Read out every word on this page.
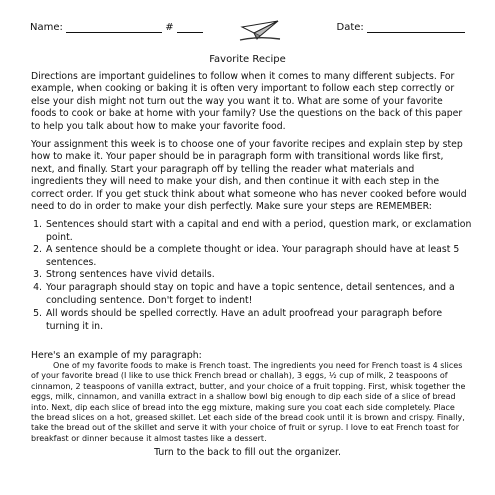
Name:	#	Date:
Favorite Recipe

Directions are important guidelines to follow when it comes to many different subjects. For example, when cooking or baking it is often very important to follow each step correctly or else your dish might not turn out the way you want it to. What are some of your favorite foods to cook or bake at home with your family? Use the questions on the back of this paper to help you talk about how to make your favorite food.

Your assignment this week is to choose one of your favorite recipes and explain step by step how to make it. Your paper should be in paragraph form with transitional words like first, next, and finally. Start your paragraph off by telling the reader what materials and ingredients they will need to make your dish, and then continue it with each step in the correct order. If you get stuck think about what someone who has never cooked before would need to do in order to make your dish perfectly. Make sure your steps are REMEMBER:

1. Sentences should start with a capital and end with a period, question mark, or exclamation point.
2. A sentence should be a complete thought or idea. Your paragraph should have at least 5 sentences.
3. Strong sentences have vivid details.
4. Your paragraph should stay on topic and have a topic sentence, detail sentences, and a concluding sentence. Don't forget to indent!
5. All words should be spelled correctly. Have an adult proofread your paragraph before turning it in.
Here's an example of my paragraph:

One of my favorite foods to make is French toast. The ingredients you need for French toast is 4 slices of your favorite bread (I like to use thick French bread or challah), 3 eggs, ½ cup of milk, 2 teaspoons of cinnamon, 2 teaspoons of vanilla extract, butter, and your choice of a fruit topping. First, whisk together the eggs, milk, cinnamon, and vanilla extract in a shallow bowl big enough to dip each side of a slice of bread into. Next, dip each slice of bread into the egg mixture, making sure you coat each side completely. Place the bread slices on a hot, greased skillet. Let each side of the bread cook until it is brown and crispy. Finally, take the bread out of the skillet and serve it with your choice of fruit or syrup. I love to eat French toast for breakfast or dinner because it almost tastes like a dessert.

Turn to the back to fill out the organizer.
